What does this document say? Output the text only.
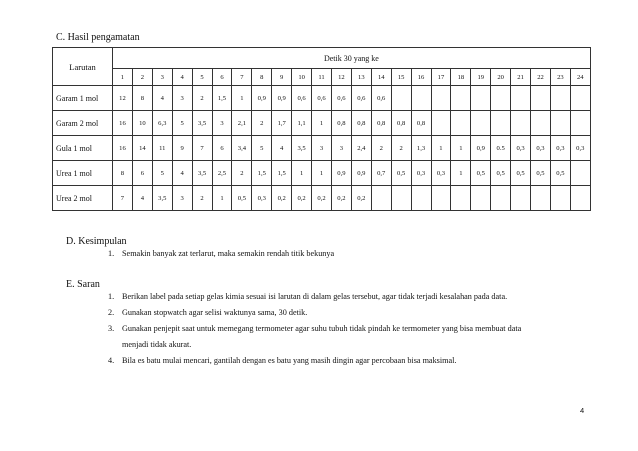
C. Hasil pengamatan
Larutan	Detik 30 yang ke																							
	1	2	3	4	5	6	7	8	9	10	11	12	13	14	15	16	17	18	19	20	21	22	23	24
Garam 1 mol	12	8	4	3	2	1,5	1	0,9	0,9	0,6	0,6	0,6	0,6	0,6										
Garam 2 mol	16	10	6,3	5	3,5	3	2,1	2	1,7	1,1	1	0,8	0,8	0,8	0,8	0,8								
Gula 1 mol	16	14	11	9	7	6	3,4	5	4	3,5	3	3	2,4	2	2	1,3	1	1	0,9	0.5	0,3	0,3	0,3	0,3
Urea 1 mol	8	6	5	4	3,5	2,5	2	1,5	1,5	1	1	0,9	0,9	0,7	0,5	0,3	0,3	1	0,5	0,5	0,5	0,5	0,5	
Urea 2 mol	7	4	3,5	3	2	1	0,5	0,3	0,2	0,2	0,2	0,2	0,2											
D. Kesimpulan
1. Semakin banyak zat terlarut, maka semakin rendah titik bekunya
E. Saran
1. Berikan label pada setiap gelas kimia sesuai isi larutan di dalam gelas tersebut, agar tidak terjadi kesalahan pada data.
2. Gunakan stopwatch agar selisi waktunya sama, 30 detik.
3. Gunakan penjepit saat untuk memegang termometer agar suhu tubuh tidak pindah ke termometer yang bisa membuat data
menjadi tidak akurat.
4. Bila es batu mulai mencari, gantilah dengan es batu yang masih dingin agar percobaan bisa maksimal.
4
